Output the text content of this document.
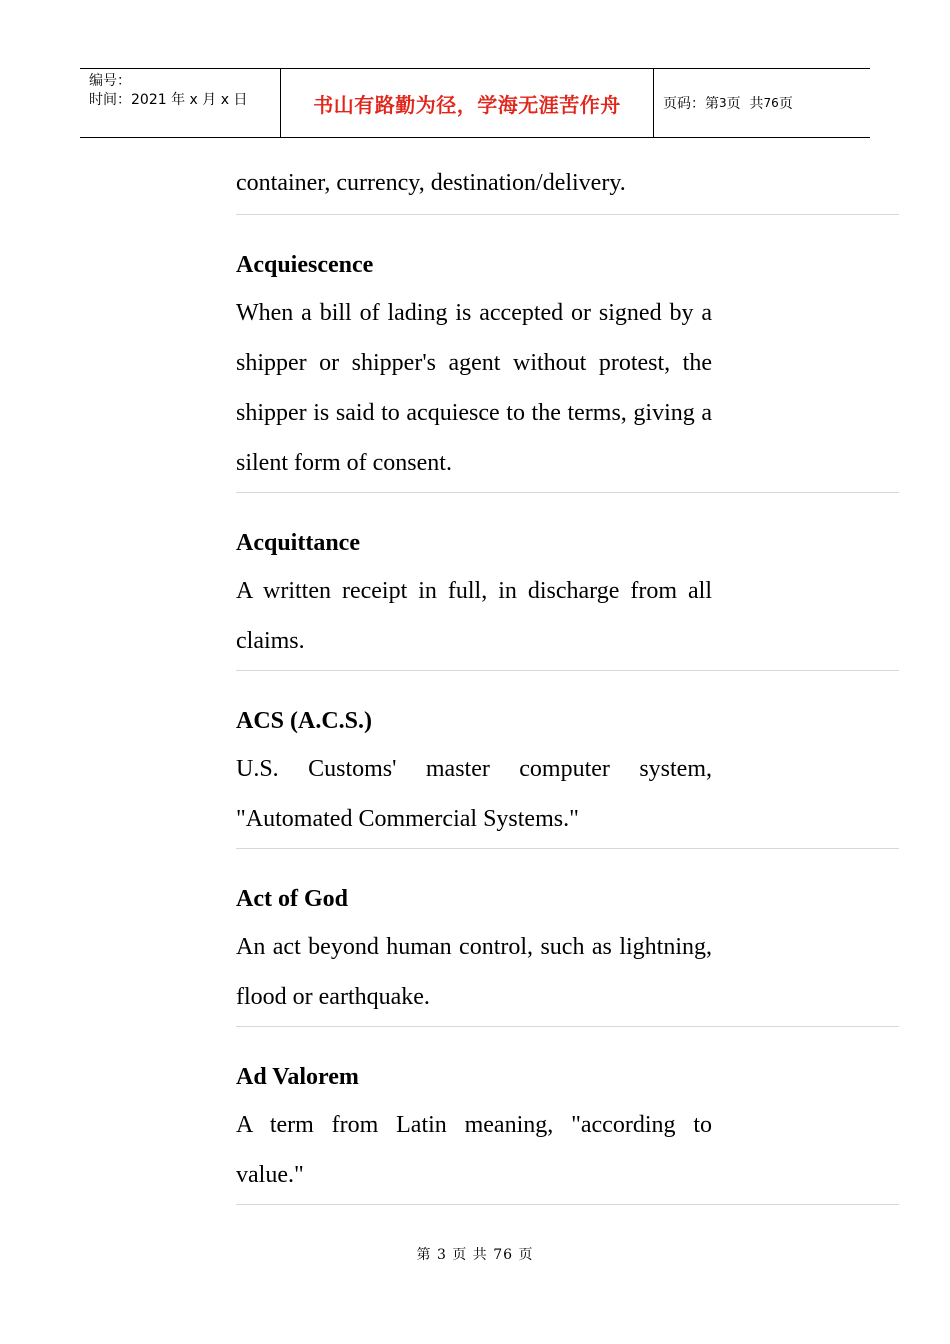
编号：
时间：2021 年 x 月 x 日	书山有路勤为径，学海无涯苦作舟	页码：第 3 页  共 76 页
container, currency, destination/delivery.

Acquiescence

When a bill of lading is accepted or signed by a shipper or shipper's agent without protest, the shipper is said to acquiesce to the terms, giving a silent form of consent.

Acquittance

A written receipt in full, in discharge from all claims.

ACS (A.C.S.)

U.S. Customs' master computer system, "Automated Commercial Systems."

Act of God

An act beyond human control, such as lightning, flood or earthquake.

Ad Valorem

A term from Latin meaning, "according to value."

第 3 页 共 76 页
